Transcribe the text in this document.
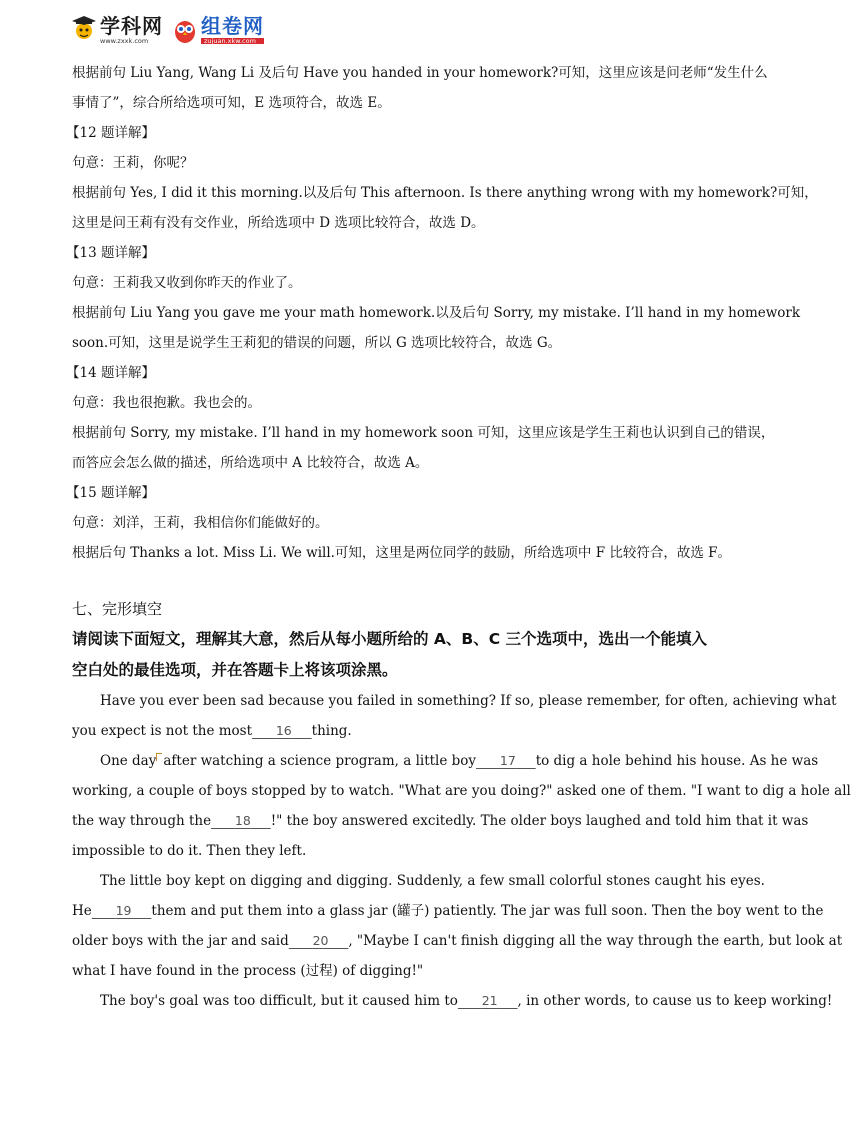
学科网
www.zxxk.com
组卷网
zujuan.xkw.com
根据前句 Liu Yang, Wang Li 及后句 Have you handed in your homework?可知，这里应该是问老师“发生什么
事情了”，综合所给选项可知，E 选项符合，故选 E。
【12 题详解】
句意：王莉，你呢？
根据前句 Yes, I did it this morning.以及后句 This afternoon. Is there anything wrong with my homework?可知，
这里是问王莉有没有交作业，所给选项中 D 选项比较符合，故选 D。
【13 题详解】
句意：王莉我又收到你昨天的作业了。
根据前句 Liu Yang you gave me your math homework.以及后句 Sorry, my mistake. I’ll hand in my homework
soon.可知，这里是说学生王莉犯的错误的问题，所以 G 选项比较符合，故选 G。
【14 题详解】
句意：我也很抱歉。我也会的。
根据前句 Sorry, my mistake. I’ll hand in my homework soon 可知，这里应该是学生王莉也认识到自己的错误，
而答应会怎么做的描述，所给选项中 A 比较符合，故选 A。
【15 题详解】
句意：刘洋，王莉，我相信你们能做好的。
根据后句 Thanks a lot. Miss Li. We will.可知，这里是两位同学的鼓励，所给选项中 F 比较符合，故选 F。
七、完形填空
请阅读下面短文，理解其大意，然后从每小题所给的 A、B、C 三个选项中，选出一个能填入
空白处的最佳选项，并在答题卡上将该项涂黑。
Have you ever been sad because you failed in something? If so, please remember, for often, achieving what
you expect is not the most 16 thing.
One day after watching a science program, a little boy 17 to dig a hole behind his house. As he was
working, a couple of boys stopped by to watch. "What are you doing?" asked one of them. "I want to dig a hole all
the way through the 18 !" the boy answered excitedly. The older boys laughed and told him that it was
impossible to do it. Then they left.
The little boy kept on digging and digging. Suddenly, a few small colorful stones caught his eyes.
He 19 them and put them into a glass jar (罐子) patiently. The jar was full soon. Then the boy went to the
older boys with the jar and said 20 , "Maybe I can't finish digging all the way through the earth, but look at
what I have found in the process (过程) of digging!"
The boy's goal was too difficult, but it caused him to 21 , in other words, to cause us to keep working!
